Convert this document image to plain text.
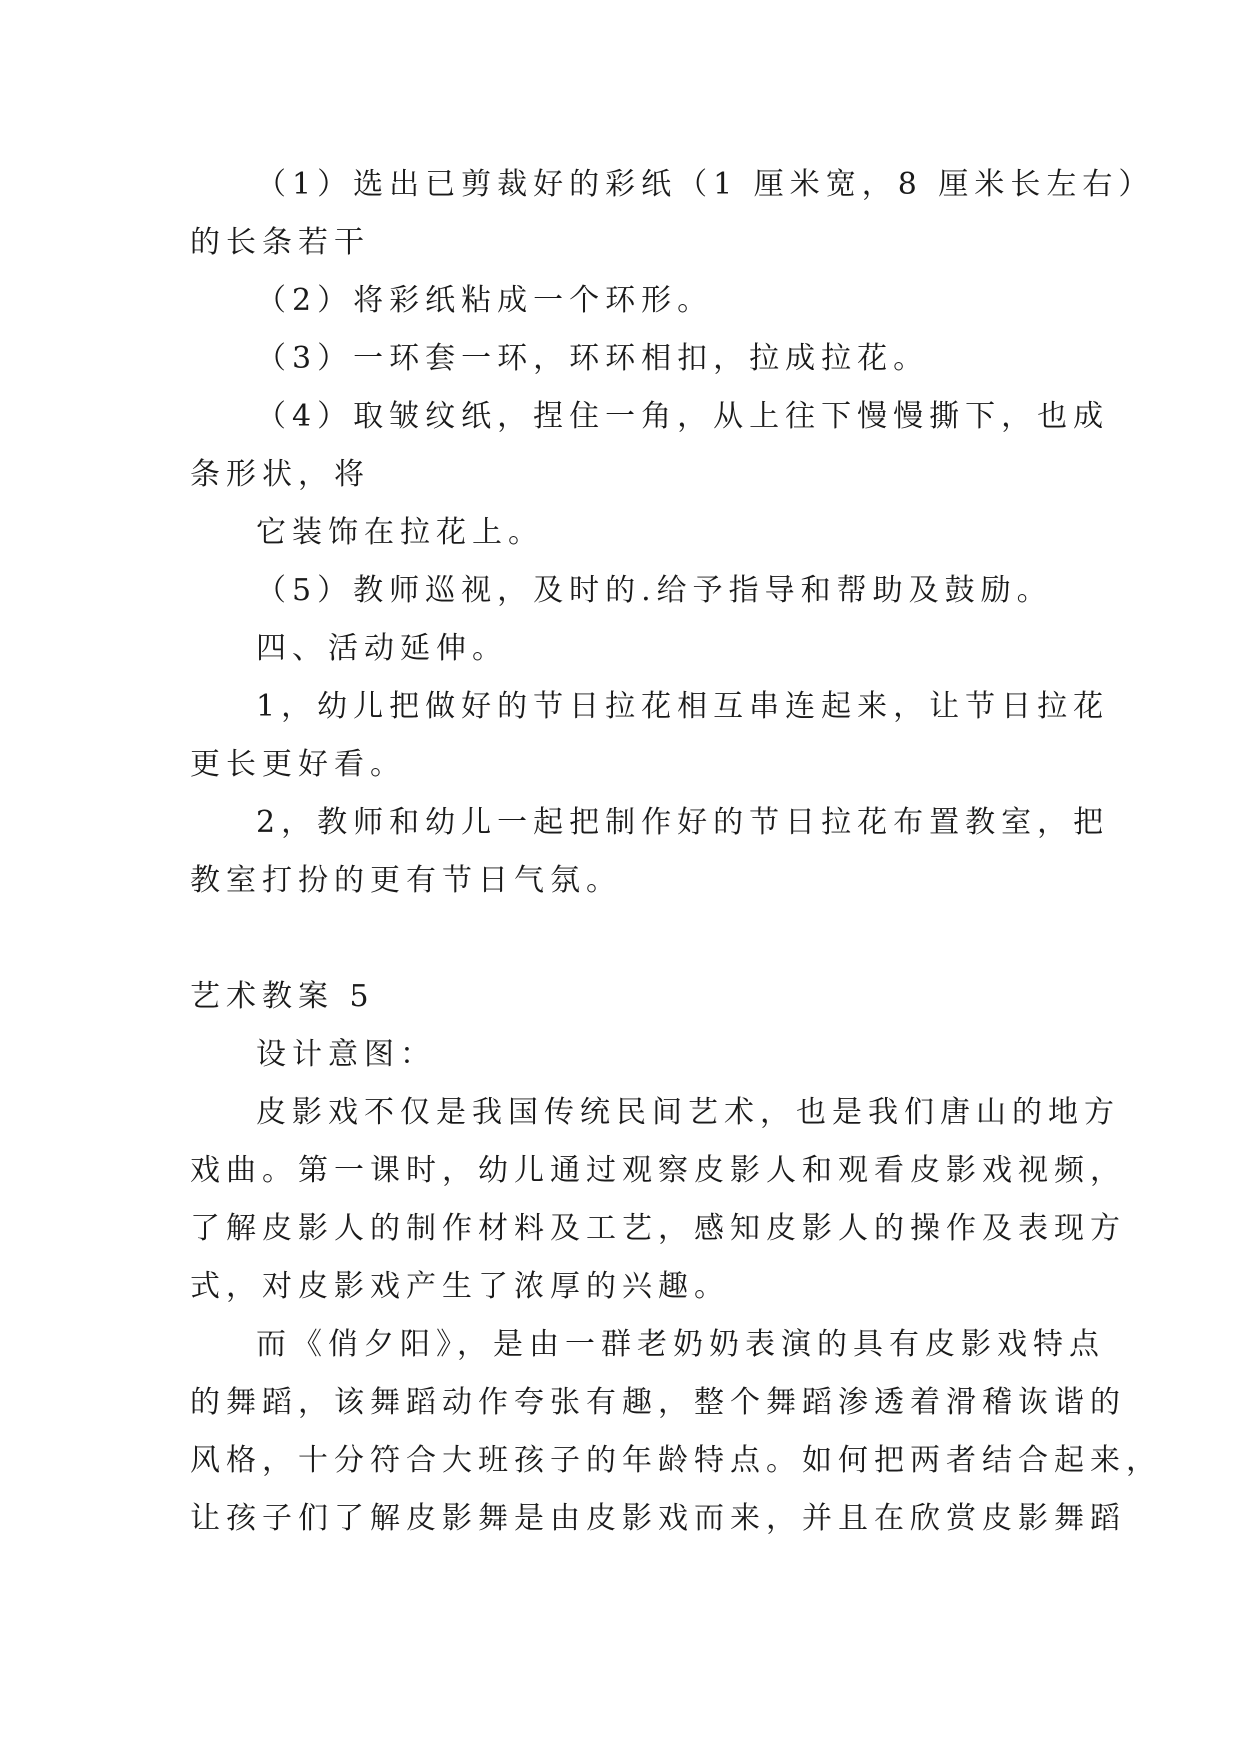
（1）选出已剪裁好的彩纸（1 厘米宽，8 厘米长左右）
的长条若干
（2）将彩纸粘成一个环形。
（3）一环套一环，环环相扣，拉成拉花。
（4）取皱纹纸，捏住一角，从上往下慢慢撕下，也成
条形状，将
它装饰在拉花上。
（5）教师巡视，及时的.给予指导和帮助及鼓励。
四、活动延伸。
1，幼儿把做好的节日拉花相互串连起来，让节日拉花
更长更好看。
2，教师和幼儿一起把制作好的节日拉花布置教室，把
教室打扮的更有节日气氛。
艺术教案 5
设计意图：
皮影戏不仅是我国传统民间艺术，也是我们唐山的地方
戏曲。第一课时，幼儿通过观察皮影人和观看皮影戏视频，
了解皮影人的制作材料及工艺，感知皮影人的操作及表现方
式，对皮影戏产生了浓厚的兴趣。
而《俏夕阳》，是由一群老奶奶表演的具有皮影戏特点
的舞蹈，该舞蹈动作夸张有趣，整个舞蹈渗透着滑稽诙谐的
风格，十分符合大班孩子的年龄特点。如何把两者结合起来，
让孩子们了解皮影舞是由皮影戏而来，并且在欣赏皮影舞蹈
